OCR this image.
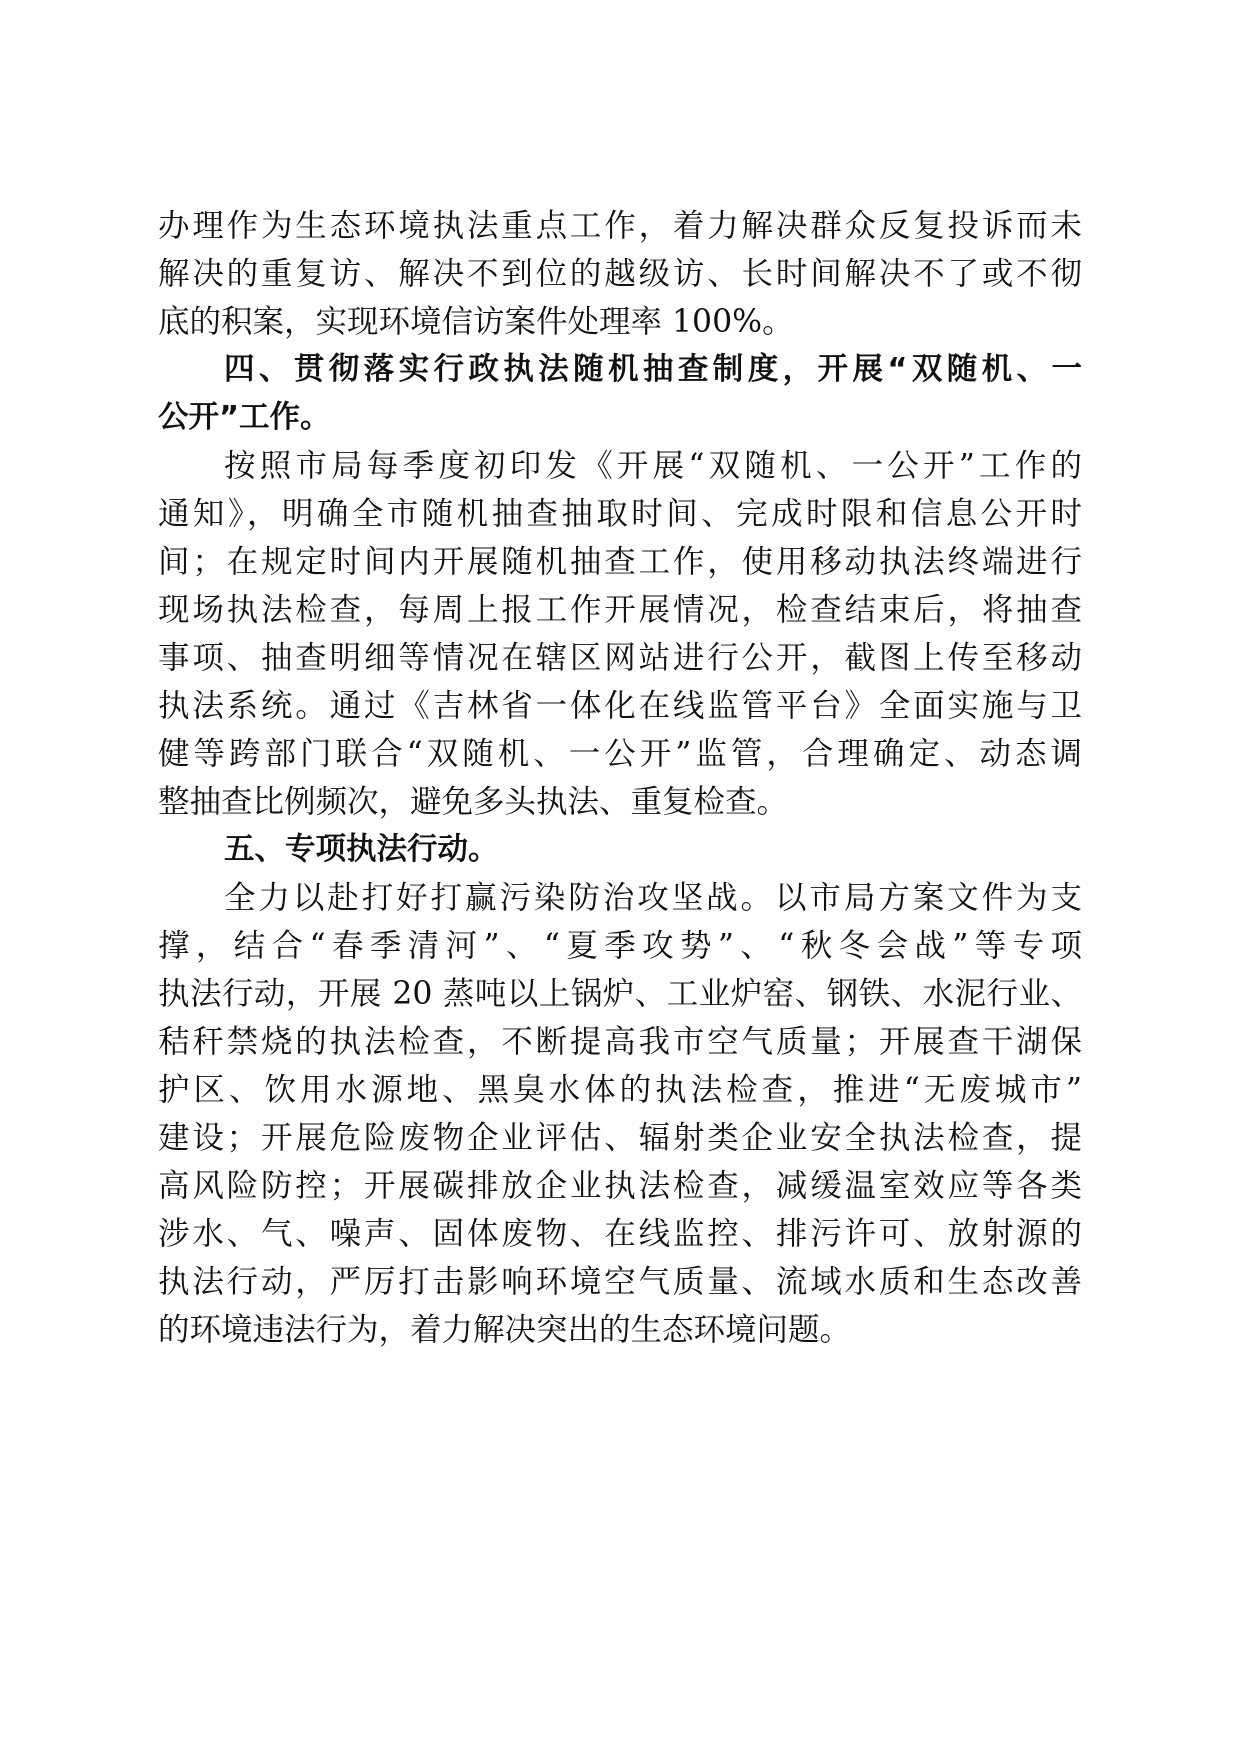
办理作为生态环境执法重点工作，着力解决群众反复投诉而未
解决的重复访、解决不到位的越级访、长时间解决不了或不彻
底的积案，实现环境信访案件处理率 100%。
四、贯彻落实行政执法随机抽查制度，开展“双随机、一
公开”工作。
按照市局每季度初印发《开展“双随机、一公开”工作的
通知》，明确全市随机抽查抽取时间、完成时限和信息公开时
间；在规定时间内开展随机抽查工作，使用移动执法终端进行
现场执法检查，每周上报工作开展情况，检查结束后，将抽查
事项、抽查明细等情况在辖区网站进行公开，截图上传至移动
执法系统。通过《吉林省一体化在线监管平台》全面实施与卫
健等跨部门联合“双随机、一公开”监管，合理确定、动态调
整抽查比例频次，避免多头执法、重复检查。
五、专项执法行动。
全力以赴打好打赢污染防治攻坚战。以市局方案文件为支
撑，结合“春季清河”、“夏季攻势”、“秋冬会战”等专项
执法行动，开展 20 蒸吨以上锅炉、工业炉窑、钢铁、水泥行业、
秸秆禁烧的执法检查，不断提高我市空气质量；开展查干湖保
护区、饮用水源地、黑臭水体的执法检查，推进“无废城市”
建设；开展危险废物企业评估、辐射类企业安全执法检查，提
高风险防控；开展碳排放企业执法检查，减缓温室效应等各类
涉水、气、噪声、固体废物、在线监控、排污许可、放射源的
执法行动，严厉打击影响环境空气质量、流域水质和生态改善
的环境违法行为，着力解决突出的生态环境问题。
